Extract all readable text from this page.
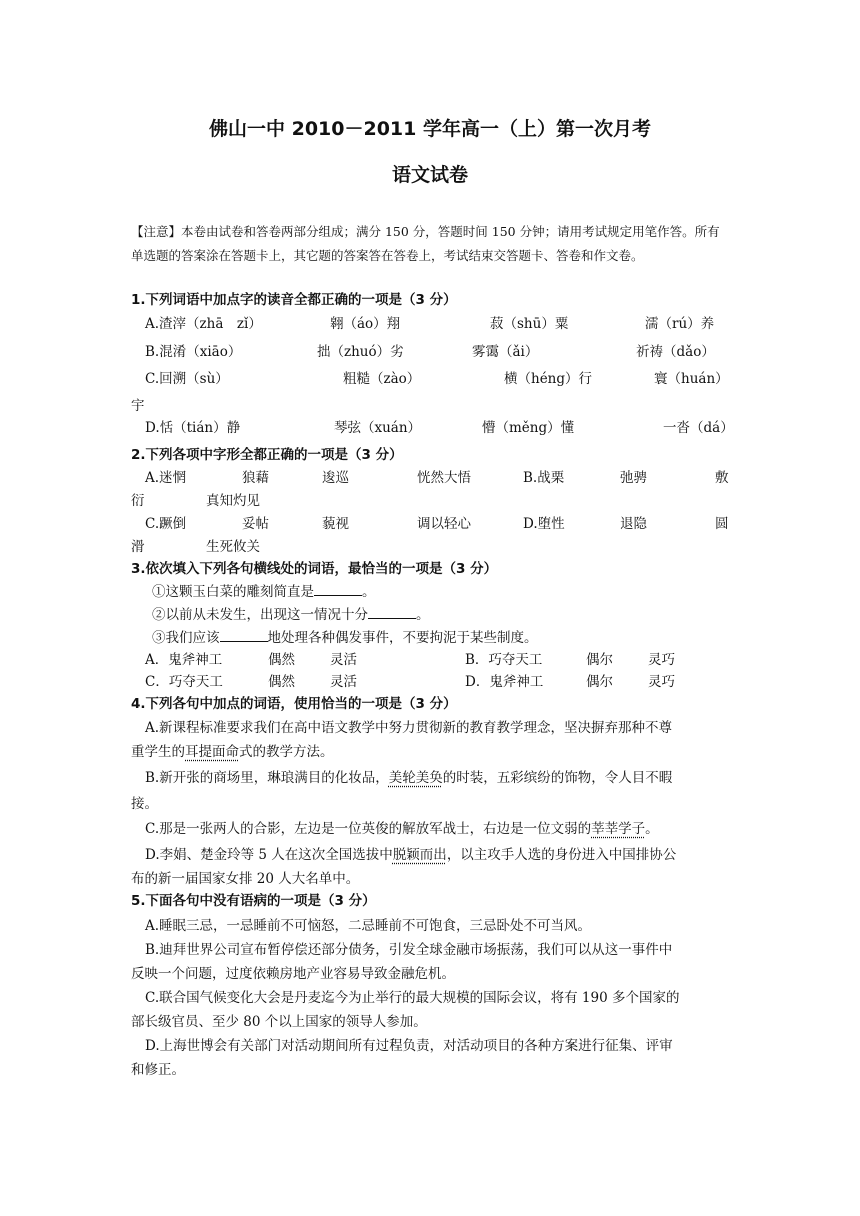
佛山一中 2010－2011 学年高一（上）第一次月考
语文试卷
【注意】本卷由试卷和答卷两部分组成；满分 150 分，答题时间 150 分钟；请用考试规定用笔作答。所有单选题的答案涂在答题卡上，其它题的答案答在答卷上，考试结束交答题卡、答卷和作文卷。
1.下列词语中加点字的读音全都正确的一项是（3 分）
A.渣滓（zhā　zǐ）	翱（áo）翔	菽（shū）粟	濡（rú）养
B.混淆（xiāo）	拙（zhuó）劣	雾霭（ǎi）	祈祷（dǎo）
C.回溯（sù）	粗糙（zào）	横（héng）行	寰（huán）
宇
D.恬（tián）静	琴弦（xuán）	懵（měng）懂	一沓（dá）
2.下列各项中字形全都正确的一项是（3 分）
A.迷惘	狼藉	逡巡	恍然大悟	B.战栗	弛骋	敷
衍	真知灼见
C.蹶倒	妥帖	藐视	调以轻心	D.堕性	退隐	圆
滑	生死攸关
3.依次填入下列各句横线处的词语，最恰当的一项是（3 分）
①这颗玉白菜的雕刻简直是	。
②以前从未发生，出现这一情况十分	。
③我们应该	地处理各种偶发事件，不要拘泥于某些制度。
A．鬼斧神工	偶然	灵活	B．巧夺天工	偶尔	灵巧
C．巧夺天工	偶然	灵活	D．鬼斧神工	偶尔	灵巧
4.下列各句中加点的词语，使用恰当的一项是（3 分）
A.新课程标准要求我们在高中语文教学中努力贯彻新的教育教学理念，坚决摒弃那种不尊
重学生的耳提面命式的教学方法。
B.新开张的商场里，琳琅满目的化妆品，美轮美奂的时装，五彩缤纷的饰物，令人目不暇
接。
C.那是一张两人的合影，左边是一位英俊的解放军战士，右边是一位文弱的莘莘学子。
D.李娟、楚金玲等 5 人在这次全国选拔中脱颖而出，以主攻手人选的身份进入中国排协公
布的新一届国家女排 20 人大名单中。
5.下面各句中没有语病的一项是（3 分）
A.睡眠三忌，一忌睡前不可恼怒，二忌睡前不可饱食，三忌卧处不可当风。
B.迪拜世界公司宣布暂停偿还部分债务，引发全球金融市场振荡，我们可以从这一事件中
反映一个问题，过度依赖房地产业容易导致金融危机。
C.联合国气候变化大会是丹麦迄今为止举行的最大规模的国际会议，将有 190 多个国家的
部长级官员、至少 80 个以上国家的领导人参加。
D.上海世博会有关部门对活动期间所有过程负责，对活动项目的各种方案进行征集、评审
和修正。
